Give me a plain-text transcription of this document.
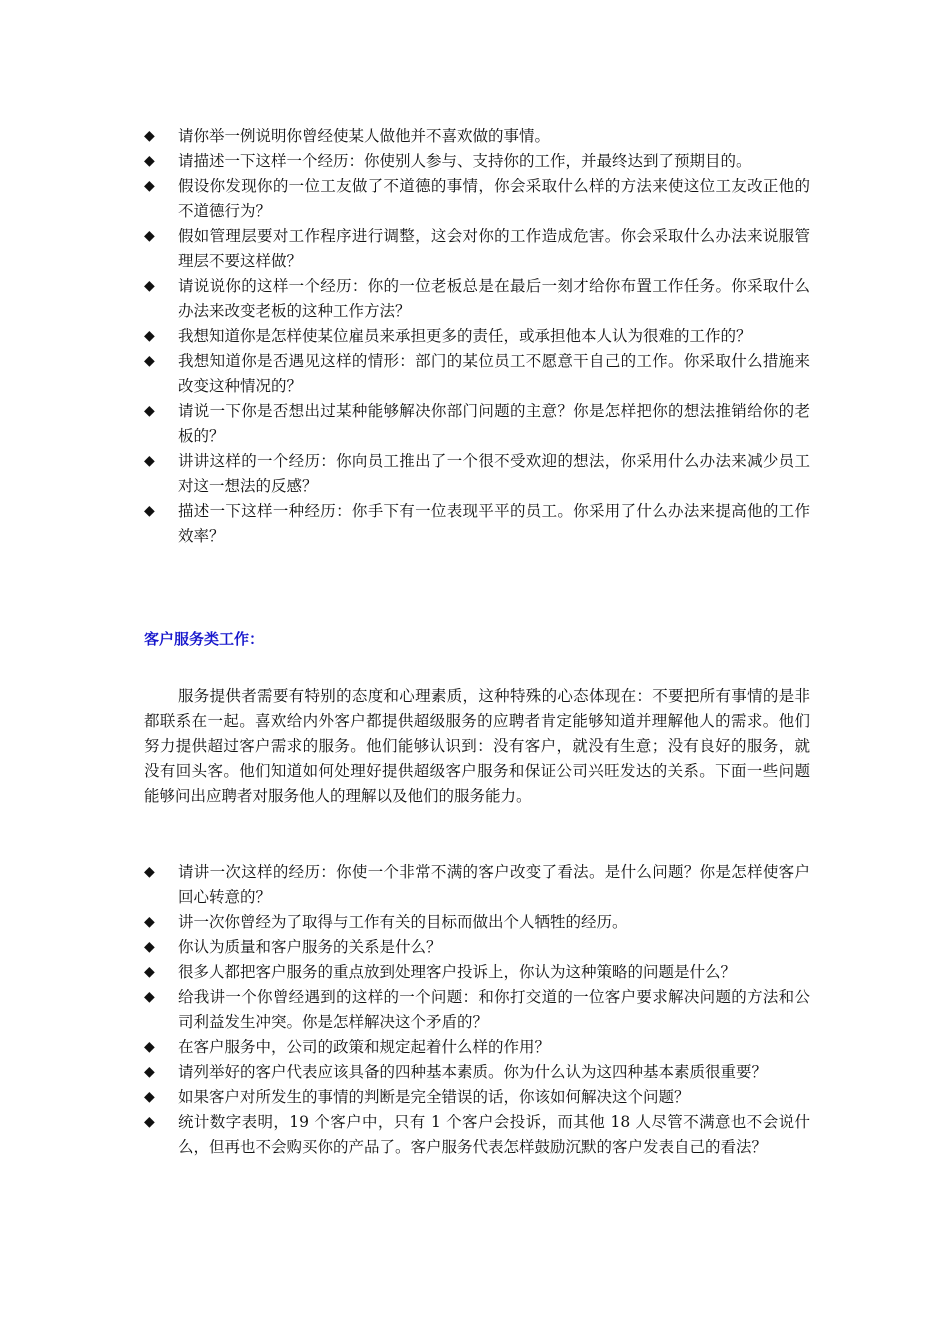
◆ 请你举一例说明你曾经使某人做他并不喜欢做的事情。
◆ 请描述一下这样一个经历：你使别人参与、支持你的工作，并最终达到了预期目的。
◆ 假设你发现你的一位工友做了不道德的事情，你会采取什么样的方法来使这位工友改正他的不道德行为？
◆ 假如管理层要对工作程序进行调整，这会对你的工作造成危害。你会采取什么办法来说服管理层不要这样做？
◆ 请说说你的这样一个经历：你的一位老板总是在最后一刻才给你布置工作任务。你采取什么办法来改变老板的这种工作方法？
◆ 我想知道你是怎样使某位雇员来承担更多的责任，或承担他本人认为很难的工作的？
◆ 我想知道你是否遇见这样的情形：部门的某位员工不愿意干自己的工作。你采取什么措施来改变这种情况的？
◆ 请说一下你是否想出过某种能够解决你部门问题的主意？你是怎样把你的想法推销给你的老板的？
◆ 讲讲这样的一个经历：你向员工推出了一个很不受欢迎的想法，你采用什么办法来减少员工对这一想法的反感？
◆ 描述一下这样一种经历：你手下有一位表现平平的员工。你采用了什么办法来提高他的工作效率？
客户服务类工作：

服务提供者需要有特别的态度和心理素质，这种特殊的心态体现在：不要把所有事情的是非都联系在一起。喜欢给内外客户都提供超级服务的应聘者肯定能够知道并理解他人的需求。他们努力提供超过客户需求的服务。他们能够认识到：没有客户，就没有生意；没有良好的服务，就没有回头客。他们知道如何处理好提供超级客户服务和保证公司兴旺发达的关系。下面一些问题能够问出应聘者对服务他人的理解以及他们的服务能力。

◆ 请讲一次这样的经历：你使一个非常不满的客户改变了看法。是什么问题？你是怎样使客户回心转意的？
◆ 讲一次你曾经为了取得与工作有关的目标而做出个人牺牲的经历。
◆ 你认为质量和客户服务的关系是什么？
◆ 很多人都把客户服务的重点放到处理客户投诉上，你认为这种策略的问题是什么？
◆ 给我讲一个你曾经遇到的这样的一个问题：和你打交道的一位客户要求解决问题的方法和公司利益发生冲突。你是怎样解决这个矛盾的？
◆ 在客户服务中，公司的政策和规定起着什么样的作用？
◆ 请列举好的客户代表应该具备的四种基本素质。你为什么认为这四种基本素质很重要？
◆ 如果客户对所发生的事情的判断是完全错误的话，你该如何解决这个问题？
◆ 统计数字表明，19 个客户中，只有 1 个客户会投诉，而其他 18 人尽管不满意也不会说什么，但再也不会购买你的产品了。客户服务代表怎样鼓励沉默的客户发表自己的看法？
